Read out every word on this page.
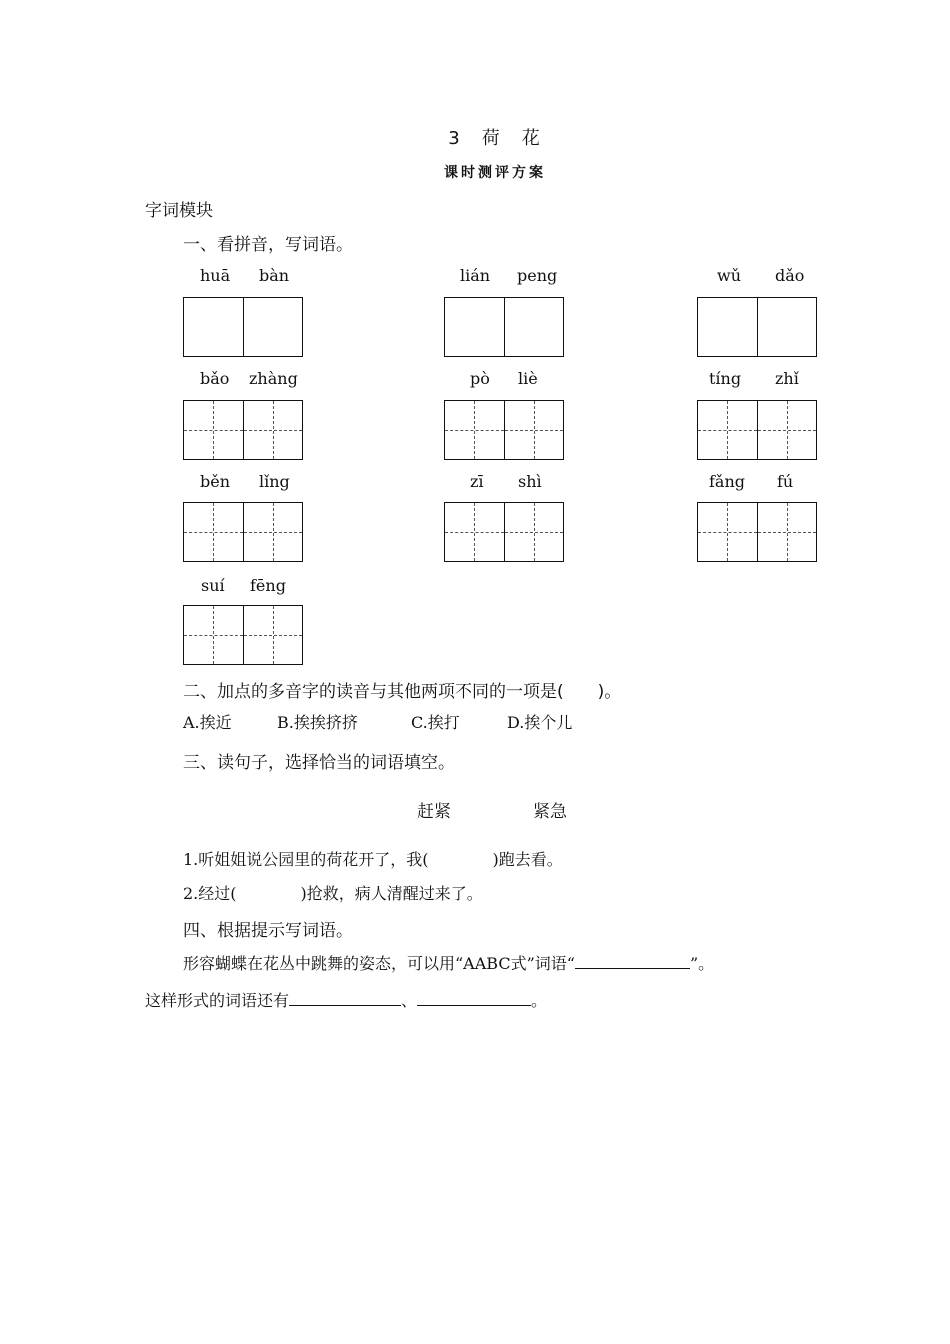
3　荷　花
课时测评方案
字词模块
一、看拼音，写词语。
huā bàn	lián peng	wǔ dǎo
bǎo zhàng	pò liè	tíng zhǐ
běn lǐng	zī shì	fǎng fú
suí fēng
二、加点的多音字的读音与其他两项不同的一项是(　　)。
A.挨近	B.挨挨挤挤	C.挨打	D.挨个儿
三、读句子，选择恰当的词语填空。
赶紧	紧急
1.听姐姐说公园里的荷花开了，我(　　　　)跑去看。
2.经过(　　　　)抢救，病人清醒过来了。
四、根据提示写词语。
形容蝴蝶在花丛中跳舞的姿态，可以用“AABC式”词语“	”。
这样形式的词语还有	、	。
